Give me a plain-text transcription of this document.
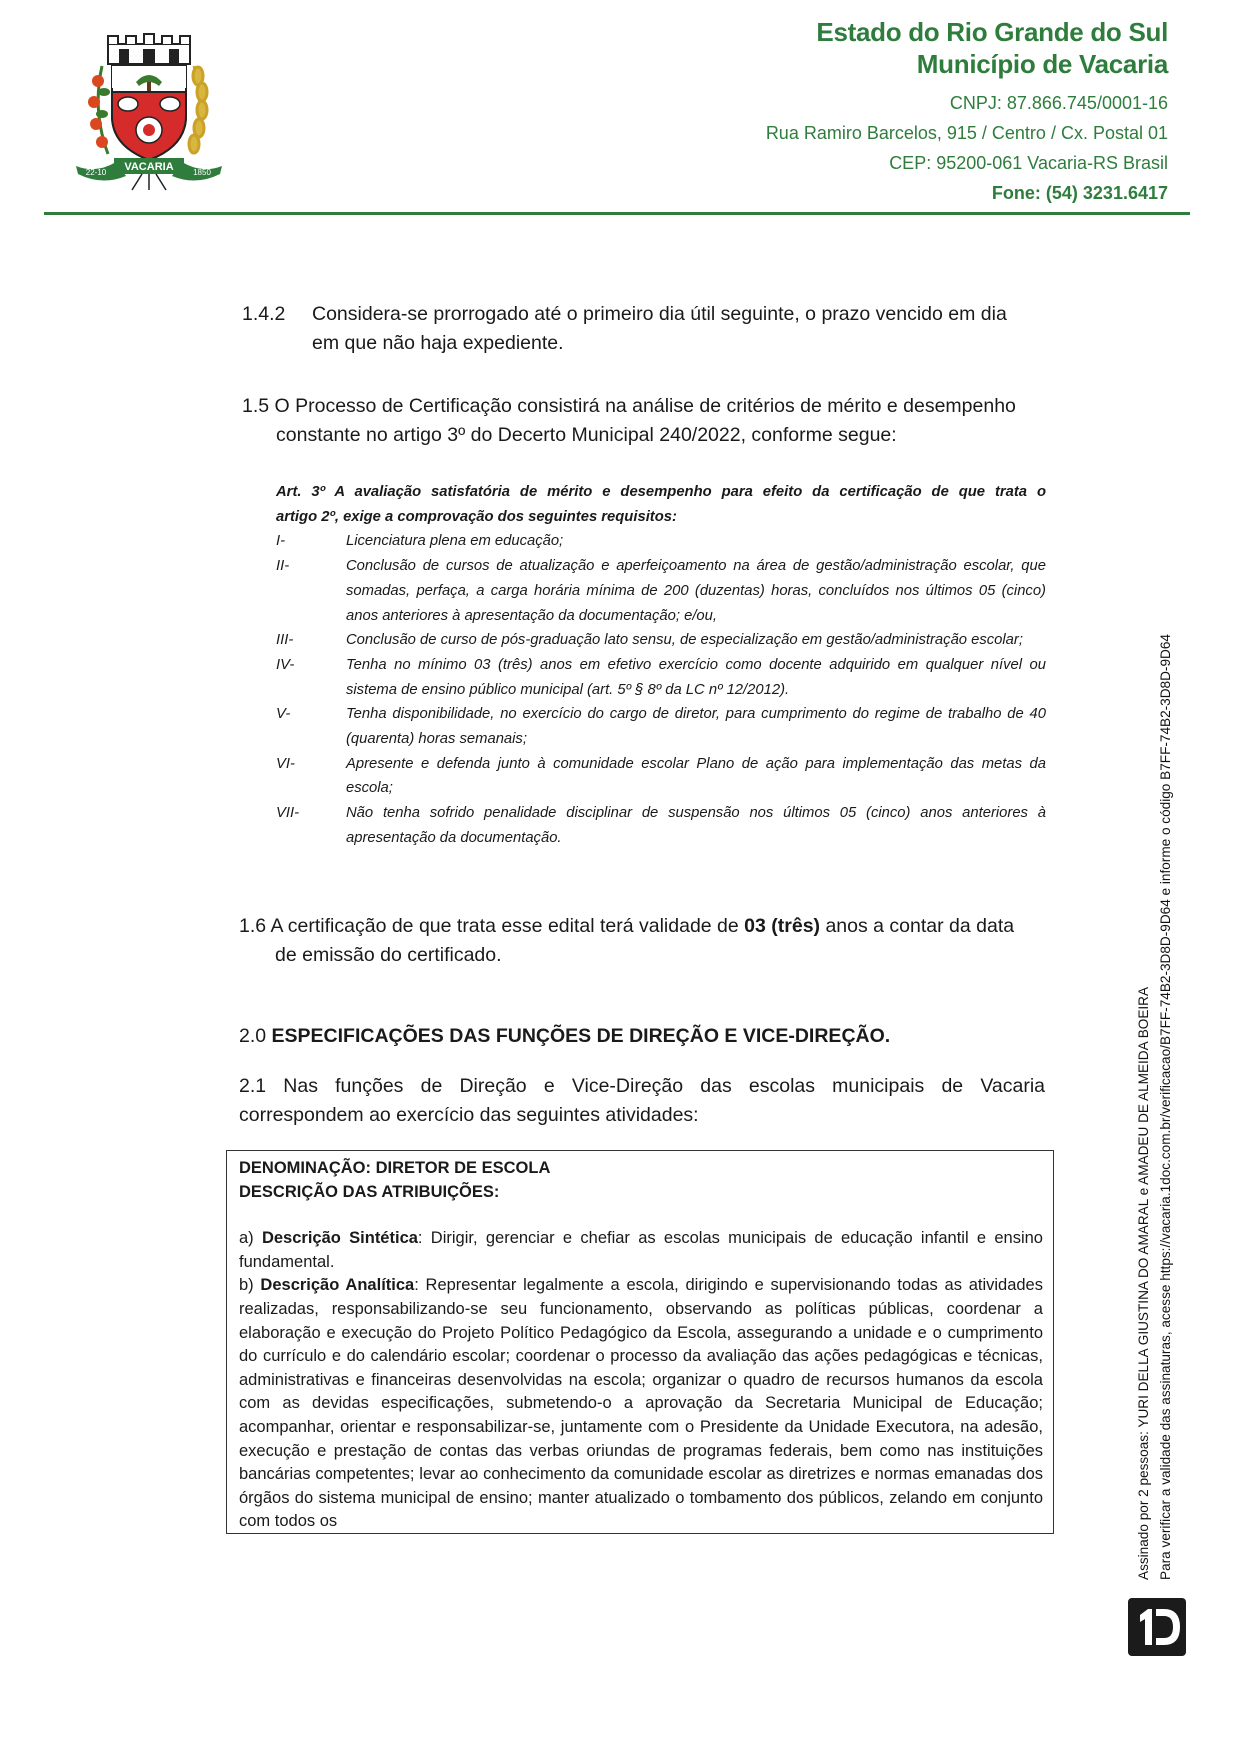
VACARIA
22-10	1850
Estado do Rio Grande do Sul
Município de Vacaria
CNPJ: 87.866.745/0001-16
Rua Ramiro Barcelos, 915 / Centro / Cx. Postal 01
CEP: 95200-061 Vacaria-RS Brasil
Fone: (54) 3231.6417
1.4.2 Considera-se prorrogado até o primeiro dia útil seguinte, o prazo vencido em dia
em que não haja expediente.
1.5 O Processo de Certificação consistirá na análise de critérios de mérito e desempenho
constante no artigo 3º do Decerto Municipal 240/2022, conforme segue:
Art. 3º A avaliação satisfatória de mérito e desempenho para efeito da certificação de que trata o
artigo 2º, exige a comprovação dos seguintes requisitos:
I-	Licenciatura plena em educação;
II-	Conclusão de cursos de atualização e aperfeiçoamento na área de gestão/administração escolar, que somadas, perfaça, a carga horária mínima de 200 (duzentas) horas, concluídos nos últimos 05 (cinco) anos anteriores à apresentação da documentação; e/ou,
III-	Conclusão de curso de pós-graduação lato sensu, de especialização em gestão/administração escolar;
IV-	Tenha no mínimo 03 (três) anos em efetivo exercício como docente adquirido em qualquer nível ou sistema de ensino público municipal (art. 5º § 8º da LC nº 12/2012).
V-	Tenha disponibilidade, no exercício do cargo de diretor, para cumprimento do regime de trabalho de 40 (quarenta) horas semanais;
VI-	Apresente e defenda junto à comunidade escolar Plano de ação para implementação das metas da escola;
VII-	Não tenha sofrido penalidade disciplinar de suspensão nos últimos 05 (cinco) anos anteriores à apresentação da documentação.
1.6 A certificação de que trata esse edital terá validade de 03 (três) anos a contar da data
de emissão do certificado.
2.0 ESPECIFICAÇÕES DAS FUNÇÕES DE DIREÇÃO E VICE-DIREÇÃO.
2.1 Nas funções de Direção e Vice-Direção das escolas municipais de Vacaria
correspondem ao exercício das seguintes atividades:
DENOMINAÇÃO: DIRETOR DE ESCOLA
DESCRIÇÃO DAS ATRIBUIÇÕES:
a) Descrição Sintética: Dirigir, gerenciar e chefiar as escolas municipais de educação infantil e ensino fundamental.
b) Descrição Analítica: Representar legalmente a escola, dirigindo e supervisionando todas as atividades realizadas, responsabilizando-se seu funcionamento, observando as políticas públicas, coordenar a elaboração e execução do Projeto Político Pedagógico da Escola, assegurando a unidade e o cumprimento do currículo e do calendário escolar; coordenar o processo da avaliação das ações pedagógicas e técnicas, administrativas e financeiras desenvolvidas na escola; organizar o quadro de recursos humanos da escola com as devidas especificações, submetendo-o a aprovação da Secretaria Municipal de Educação; acompanhar, orientar e responsabilizar-se, juntamente com o Presidente da Unidade Executora, na adesão, execução e prestação de contas das verbas oriundas de programas federais, bem como nas instituições bancárias competentes; levar ao conhecimento da comunidade escolar as diretrizes e normas emanadas dos órgãos do sistema municipal de ensino; manter atualizado o tombamento dos públicos, zelando em conjunto com todos os	Assinado por 2 pessoas: YURI DELLA GIUSTINA DO AMARAL e AMADEU DE ALMEIDA BOEIRA Para verificar a validade das assinaturas, acesse https://vacaria.1doc.com.br/verificacao/B7FF-74B2-3D8D-9D64 e informe o código B7FF-74B2-3D8D-9D64
